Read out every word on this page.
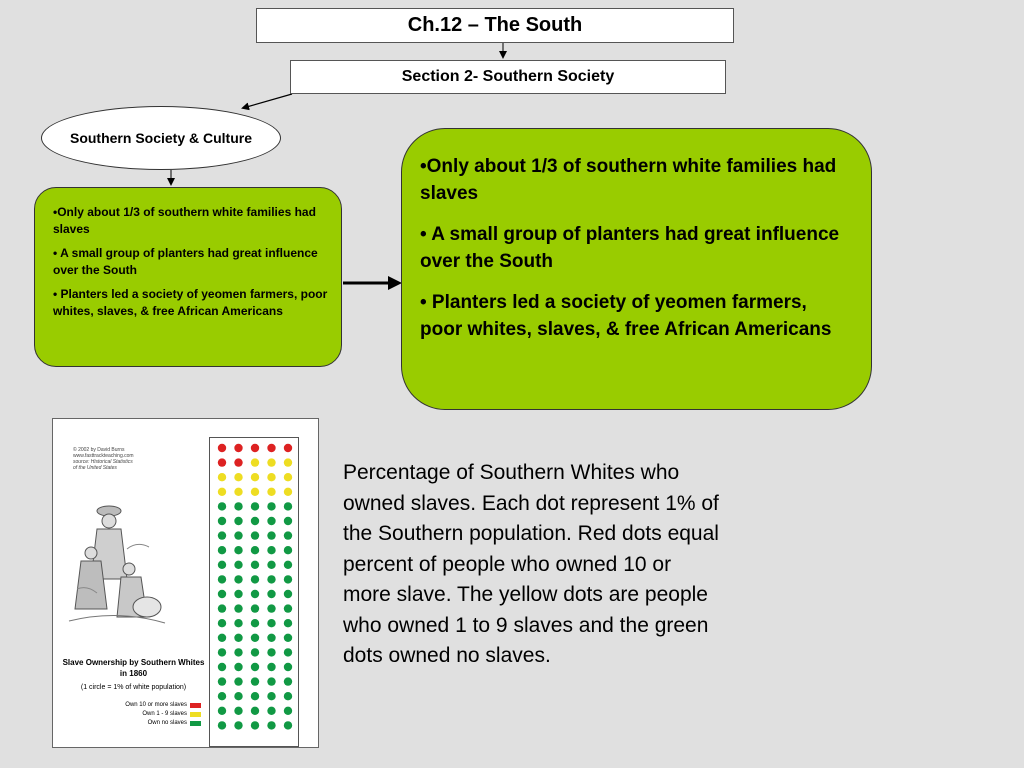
Ch.12 – The South
Section 2- Southern Society
Southern Society & Culture

•Only about 1/3 of southern white families had slaves

• A small group of planters had great influence over the South

• Planters led a society of yeomen farmers, poor whites, slaves, & free African Americans

•Only about 1/3 of southern white families had slaves

• A small group of planters had great influence over the South

• Planters led a society of yeomen farmers, poor whites, slaves, & free African Americans

© 2002 by David Burns
www.fasttrackteaching.com
source: Historical Statistics
of the United States
Slave Ownership by Southern Whites in 1860
(1 circle = 1% of white population)
Own 10 or more slaves
Own 1 - 9 slaves
Own no slaves
Percentage of Southern Whites who owned slaves. Each dot represent 1% of the Southern population. Red dots equal percent of people who owned 10 or more slave. The yellow dots are people who owned 1 to 9 slaves and the green dots owned no slaves.
